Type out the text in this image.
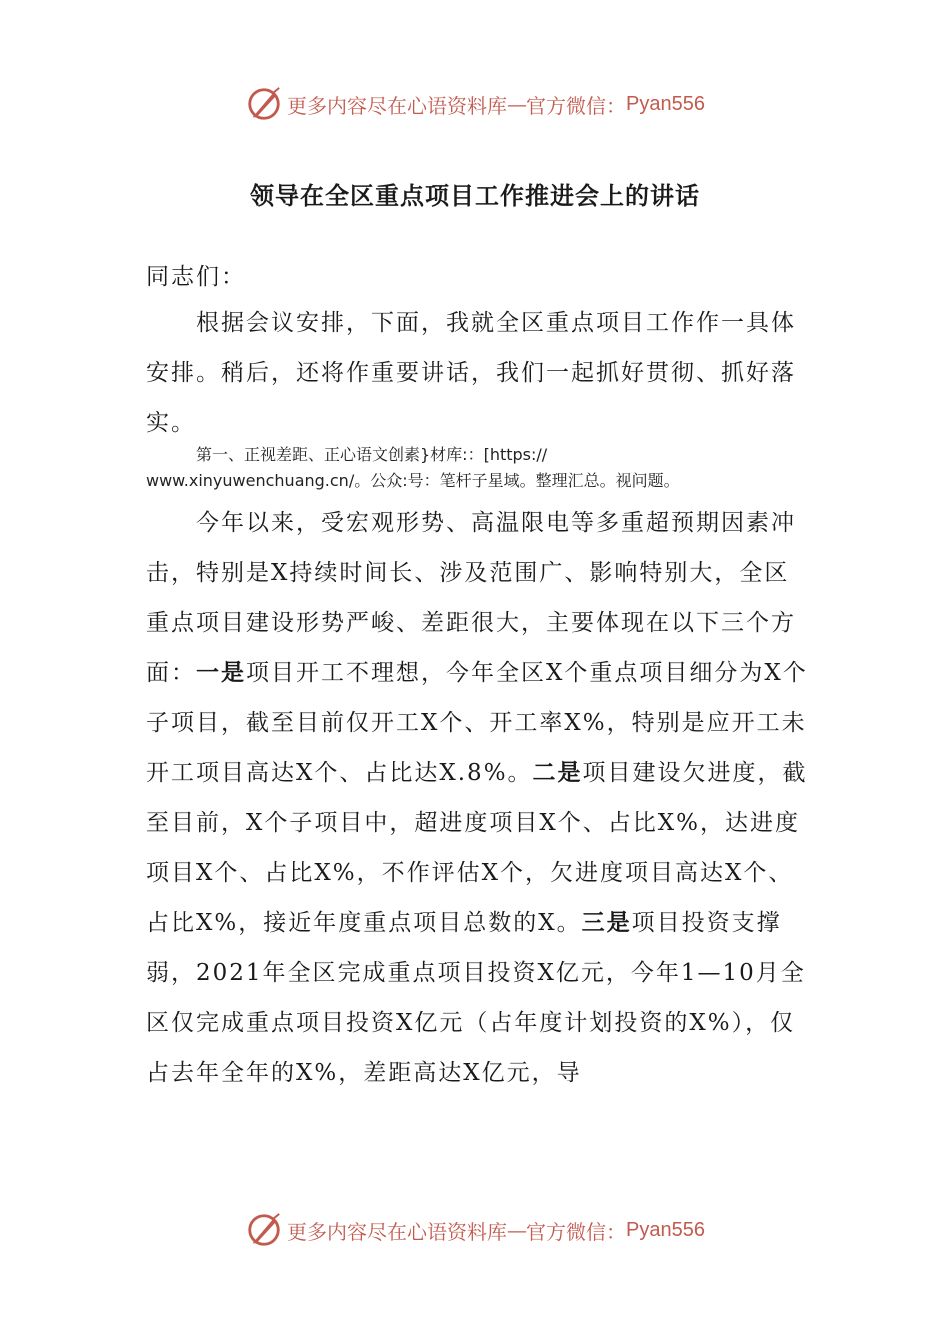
更多内容尽在心语资料库 — 官方微信： Pyan556
领导在全区重点项目工作推进会上的讲话
同志们：
根据会议安排，下面，我就全区重点项目工作作一具体安排。稍后，还将作重要讲话，我们一起抓好贯彻、抓好落实。
第一、正视差距、正心语文创素}材库:：[https://
www.xinyuwenchuang.cn/。公众:号：笔杆子星域。整理汇总。视问题。
今年以来，受宏观形势、高温限电等多重超预期因素冲击，特别是X持续时间长、涉及范围广、影响特别大，全区重点项目建设形势严峻、差距很大，主要体现在以下三个方面：一是项目开工不理想，今年全区X个重点项目细分为X个子项目，截至目前仅开工X个、开工率X%，特别是应开工未开工项目高达X个、占比达X.8%。二是项目建设欠进度，截至目前，X个子项目中，超进度项目X个、占比X%，达进度项目X个、占比X%，不作评估X个，欠进度项目高达X个、占比X%，接近年度重点项目总数的X。三是项目投资支撑弱，2021年全区完成重点项目投资X亿元，今年1—10月全区仅完成重点项目投资X亿元（占年度计划投资的X%），仅占去年全年的X%，差距高达X亿元，导
更多内容尽在心语资料库 — 官方微信： Pyan556
